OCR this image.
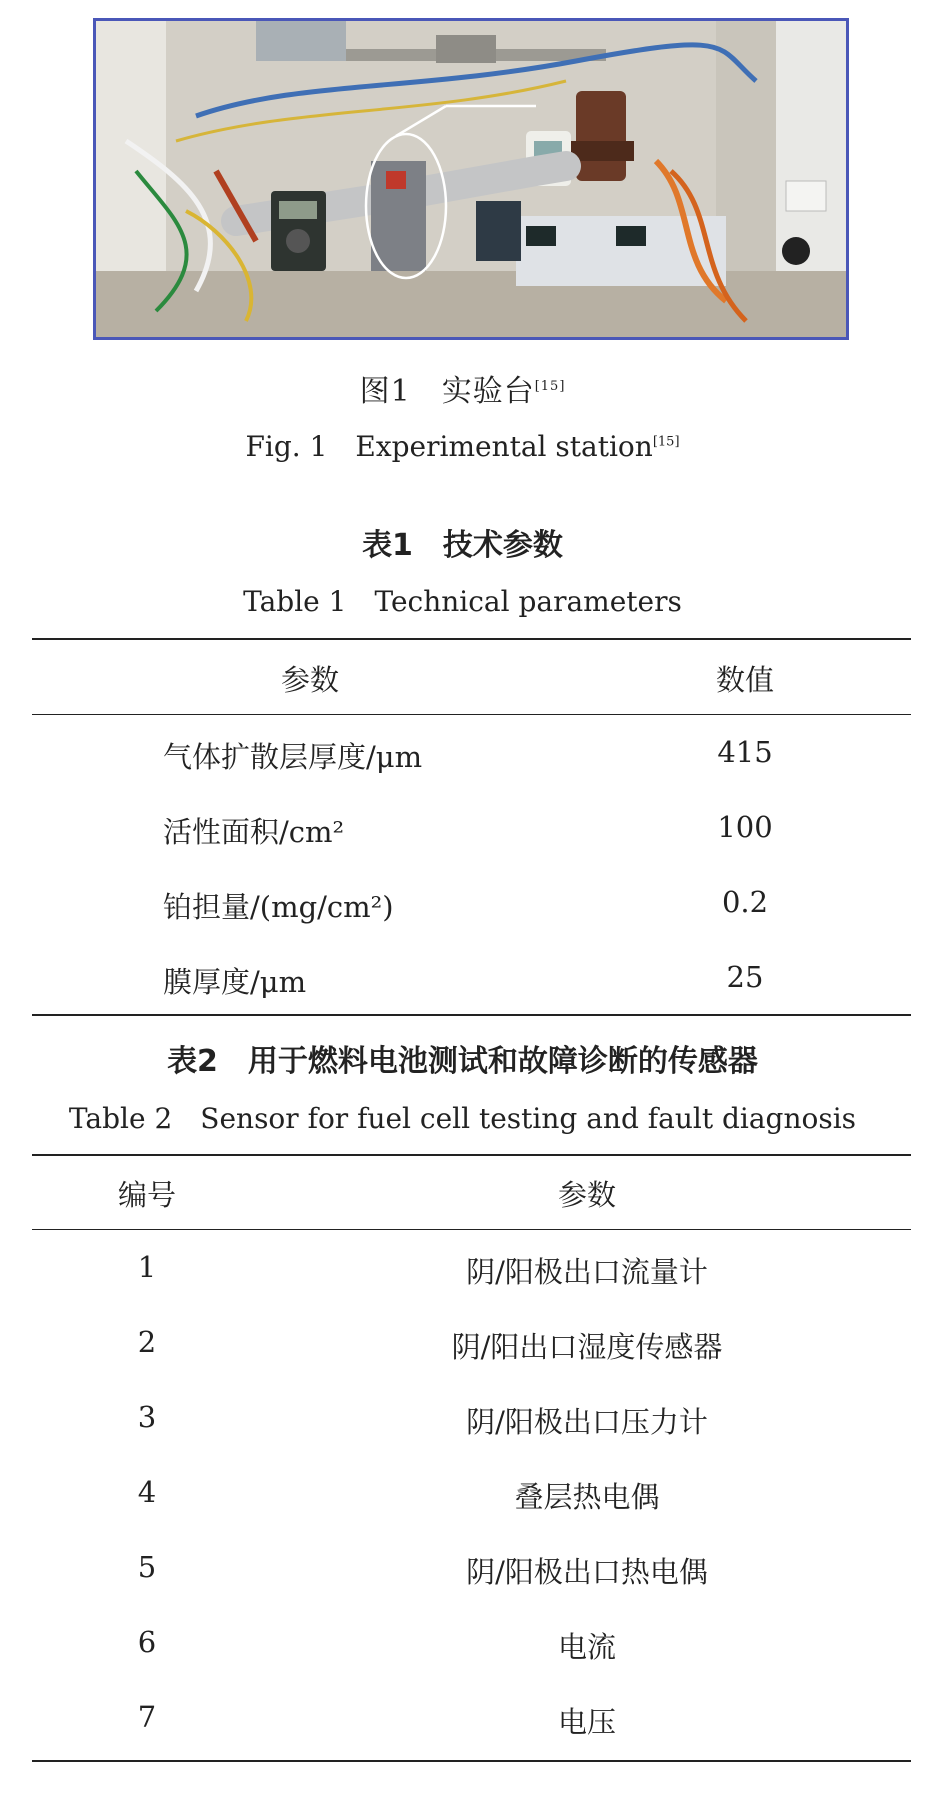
图1　实验台[15]
Fig. 1　Experimental station[15]
表1　技术参数
Table 1　Technical parameters
参数	数值
气体扩散层厚度/μm	415
活性面积/cm²	100
铂担量/(mg/cm²)	0.2
膜厚度/μm	25
表2　用于燃料电池测试和故障诊断的传感器
Table 2　Sensor for fuel cell testing and fault diagnosis
编号	参数
1	阴/阳极出口流量计
2	阴/阳出口湿度传感器
3	阴/阳极出口压力计
4	叠层热电偶
5	阴/阳极出口热电偶
6	电流
7	电压
